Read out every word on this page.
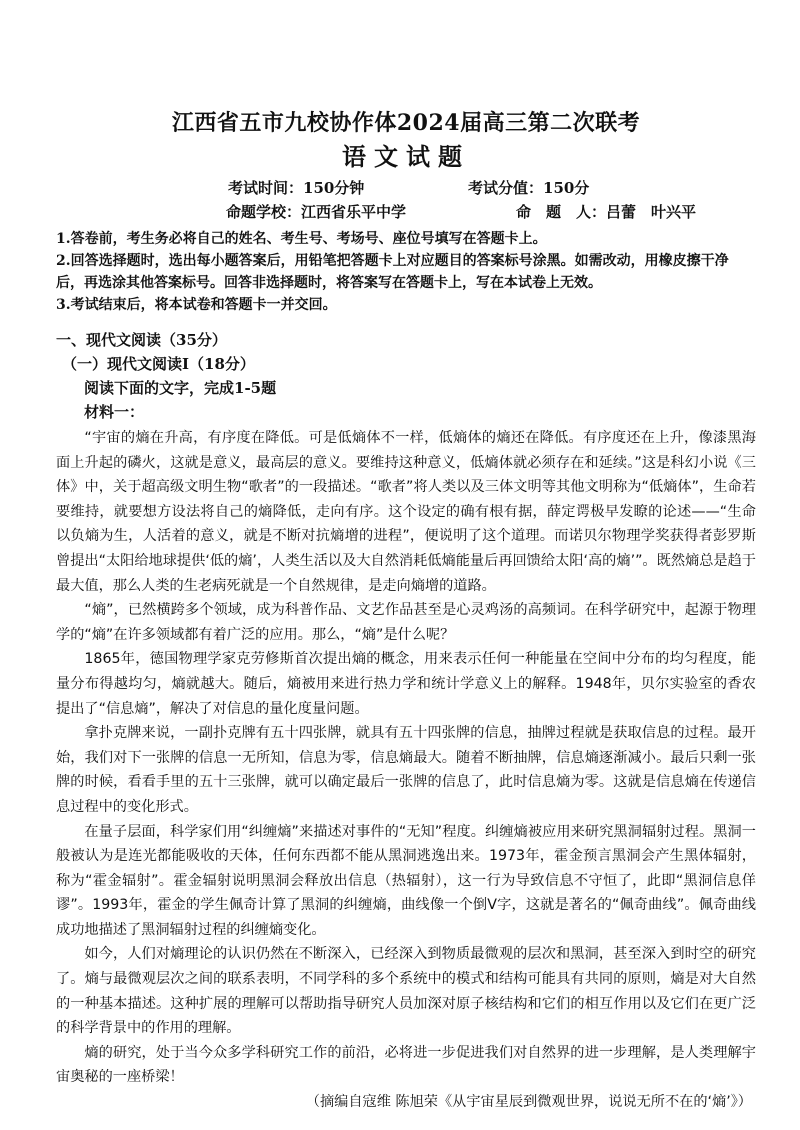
江西省五市九校协作体2024届高三第二次联考
语文试题
考试时间：150分钟	考试分值：150分
命题学校：江西省乐平中学	命　题　人：吕蕾　叶兴平

1.答卷前，考生务必将自己的姓名、考生号、考场号、座位号填写在答题卡上。

2.回答选择题时，选出每小题答案后，用铅笔把答题卡上对应题目的答案标号涂黑。如需改动，用橡皮擦干净后，再选涂其他答案标号。回答非选择题时，将答案写在答题卡上，写在本试卷上无效。

3.考试结束后，将本试卷和答题卡一并交回。

一、现代文阅读（35分）
（一）现代文阅读Ⅰ（18分）
阅读下面的文字，完成1-5题
材料一：

“宇宙的熵在升高，有序度在降低。可是低熵体不一样，低熵体的熵还在降低。有序度还在上升，像漆黑海面上升起的磷火，这就是意义，最高层的意义。要维持这种意义，低熵体就必须存在和延续。”这是科幻小说《三体》中，关于超高级文明生物“歌者”的一段描述。“歌者”将人类以及三体文明等其他文明称为“低熵体”，生命若要维持，就要想方设法将自己的熵降低，走向有序。这个设定的确有根有据，薛定谔极早发瞭的论述——“生命以负熵为生，人活着的意义，就是不断对抗熵增的进程”，便说明了这个道理。而诺贝尔物理学奖获得者彭罗斯曾提出“太阳给地球提供‘低的熵’，人类生活以及大自然消耗低熵能量后再回馈给太阳‘高的熵’”。既然熵总是趋于最大值，那么人类的生老病死就是一个自然规律，是走向熵增的道路。

“熵”，已然横跨多个领域，成为科普作品、文艺作品甚至是心灵鸡汤的高频词。在科学研究中，起源于物理学的“熵”在许多领域都有着广泛的应用。那么，“熵”是什么呢？

1865年，德国物理学家克劳修斯首次提出熵的概念，用来表示任何一种能量在空间中分布的均匀程度，能量分布得越均匀，熵就越大。随后，熵被用来进行热力学和统计学意义上的解释。1948年，贝尔实验室的香农提出了“信息熵”，解决了对信息的量化度量问题。

拿扑克牌来说，一副扑克牌有五十四张牌，就具有五十四张牌的信息，抽牌过程就是获取信息的过程。最开始，我们对下一张牌的信息一无所知，信息为零，信息熵最大。随着不断抽牌，信息熵逐渐减小。最后只剩一张牌的时候，看看手里的五十三张牌，就可以确定最后一张牌的信息了，此时信息熵为零。这就是信息熵在传递信息过程中的变化形式。

在量子层面，科学家们用“纠缠熵”来描述对事件的“无知”程度。纠缠熵被应用来研究黑洞辐射过程。黑洞一般被认为是连光都能吸收的天体，任何东西都不能从黑洞逃逸出来。1973年，霍金预言黑洞会产生黑体辐射，称为“霍金辐射”。霍金辐射说明黑洞会释放出信息（热辐射），这一行为导致信息不守恒了，此即“黑洞信息佯谬”。1993年，霍金的学生佩奇计算了黑洞的纠缠熵，曲线像一个倒V字，这就是著名的“佩奇曲线”。佩奇曲线成功地描述了黑洞辐射过程的纠缠熵变化。

如今，人们对熵理论的认识仍然在不断深入，已经深入到物质最微观的层次和黑洞，甚至深入到时空的研究了。熵与最微观层次之间的联系表明，不同学科的多个系统中的模式和结构可能具有共同的原则，熵是对大自然的一种基本描述。这种扩展的理解可以帮助指导研究人员加深对原子核结构和它们的相互作用以及它们在更广泛的科学背景中的作用的理解。

熵的研究，处于当今众多学科研究工作的前沿，必将进一步促进我们对自然界的进一步理解，是人类理解宇宙奥秘的一座桥梁！

（摘编自寇维 陈旭荣《从宇宙星辰到微观世界，说说无所不在的‘熵’》）
